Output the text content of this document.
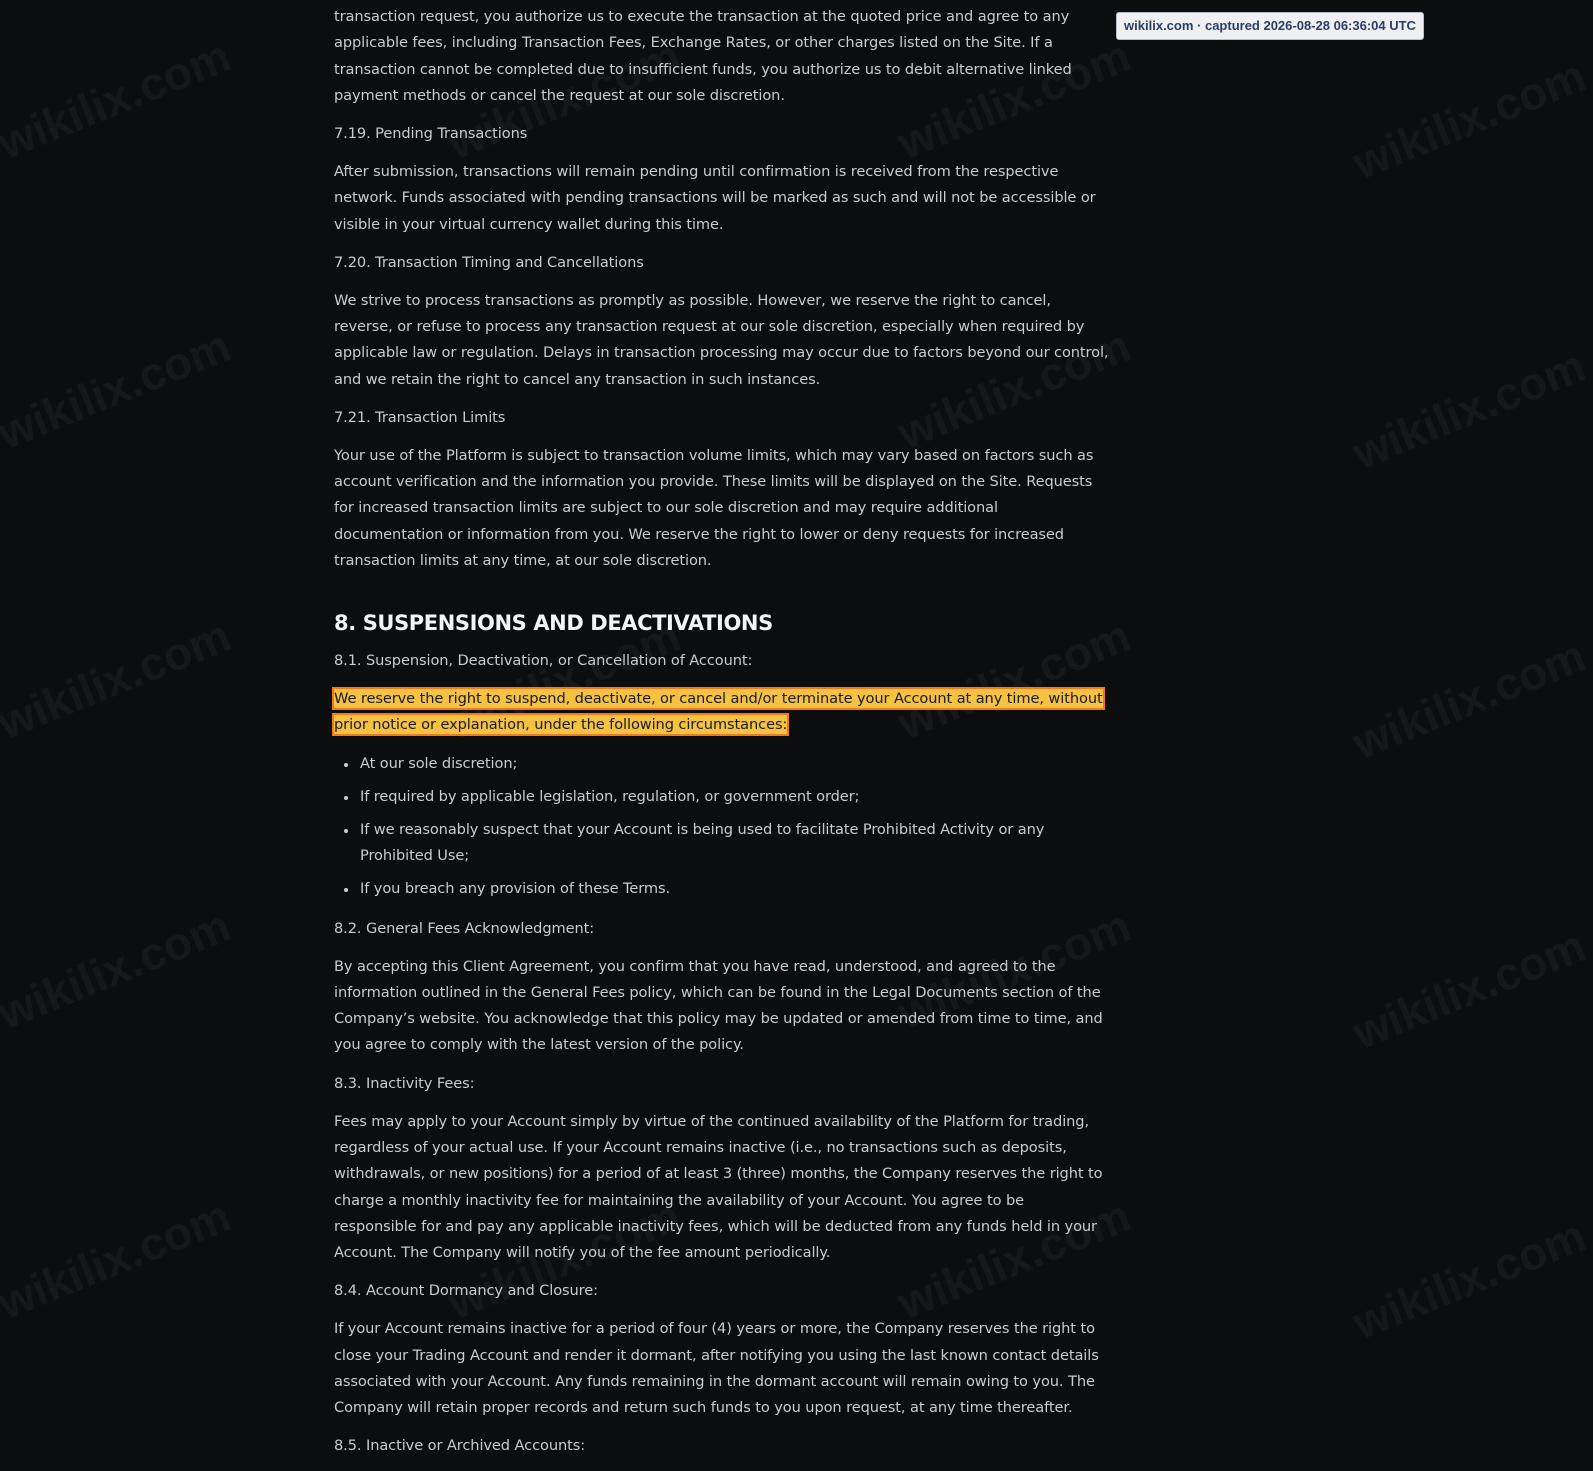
transaction request, you authorize us to execute the transaction at the quoted price and agree to any applicable fees, including Transaction Fees, Exchange Rates, or other charges listed on the Site. If a transaction cannot be completed due to insufficient funds, you authorize us to debit alternative linked payment methods or cancel the request at our sole discretion.

7.19. Pending Transactions

After submission, transactions will remain pending until confirmation is received from the respective network. Funds associated with pending transactions will be marked as such and will not be accessible or visible in your virtual currency wallet during this time.

7.20. Transaction Timing and Cancellations

We strive to process transactions as promptly as possible. However, we reserve the right to cancel, reverse, or refuse to process any transaction request at our sole discretion, especially when required by applicable law or regulation. Delays in transaction processing may occur due to factors beyond our control, and we retain the right to cancel any transaction in such instances.

7.21. Transaction Limits

Your use of the Platform is subject to transaction volume limits, which may vary based on factors such as account verification and the information you provide. These limits will be displayed on the Site. Requests for increased transaction limits are subject to our sole discretion and may require additional documentation or information from you. We reserve the right to lower or deny requests for increased transaction limits at any time, at our sole discretion.

8. SUSPENSIONS AND DEACTIVATIONS

8.1. Suspension, Deactivation, or Cancellation of Account:

We reserve the right to suspend, deactivate, or cancel and/or terminate your Account at any time, without prior notice or explanation, under the following circumstances:

At our sole discretion;
If required by applicable legislation, regulation, or government order;
If we reasonably suspect that your Account is being used to facilitate Prohibited Activity or any Prohibited Use;
If you breach any provision of these Terms.

8.2. General Fees Acknowledgment:

By accepting this Client Agreement, you confirm that you have read, understood, and agreed to the information outlined in the General Fees policy, which can be found in the Legal Documents section of the Company’s website. You acknowledge that this policy may be updated or amended from time to time, and you agree to comply with the latest version of the policy.

8.3. Inactivity Fees:

Fees may apply to your Account simply by virtue of the continued availability of the Platform for trading, regardless of your actual use. If your Account remains inactive (i.e., no transactions such as deposits, withdrawals, or new positions) for a period of at least 3 (three) months, the Company reserves the right to charge a monthly inactivity fee for maintaining the availability of your Account. You agree to be responsible for and pay any applicable inactivity fees, which will be deducted from any funds held in your Account. The Company will notify you of the fee amount periodically.

8.4. Account Dormancy and Closure:

If your Account remains inactive for a period of four (4) years or more, the Company reserves the right to close your Trading Account and render it dormant, after notifying you using the last known contact details associated with your Account. Any funds remaining in the dormant account will remain owing to you. The Company will retain proper records and return such funds to you upon request, at any time thereafter.

8.5. Inactive or Archived Accounts:

wikilix.com · captured 2026-08-28 06:36:04 UTC
